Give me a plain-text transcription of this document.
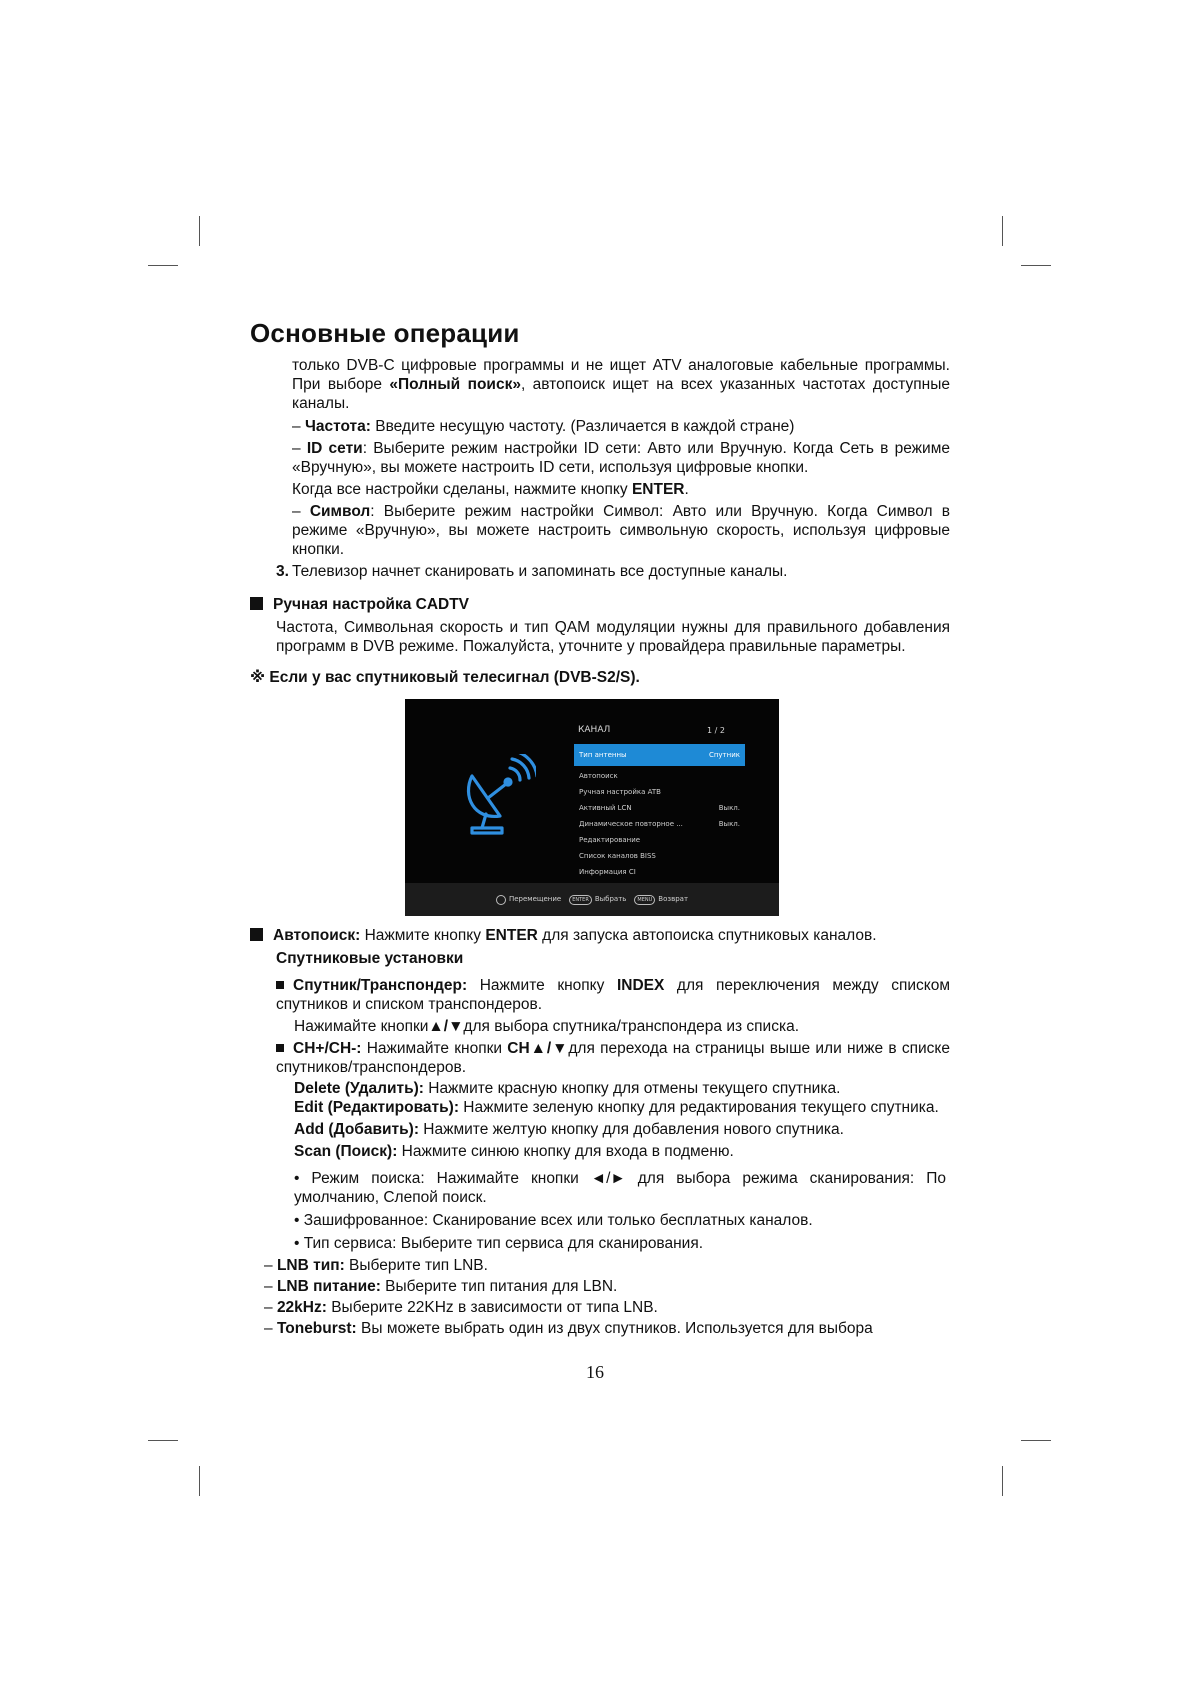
Основные операции

только DVB-C цифровые программы и не ищет ATV аналоговые кабельные программы. При выборе «Полный поиск», автопоиск ищет на всех указанных частотах доступные каналы.

– Частота: Введите несущую частоту. (Различается в каждой стране)

– ID сети: Выберите режим настройки ID сети: Авто или Вручную. Когда Сеть в режиме «Вручную», вы можете настроить ID сети, используя цифровые кнопки.

Когда все настройки сделаны, нажмите кнопку ENTER.

– Символ: Выберите режим настройки Символ: Авто или Вручную. Когда Символ в режиме «Вручную», вы можете настроить символьную скорость, используя цифровые кнопки.

3. Телевизор начнет сканировать и запоминать все доступные каналы.

Ручная настройка CADTV

Частота, Символьная скорость и тип QAM модуляции нужны для правильного добавления программ в DVB режиме. Пожалуйста, уточните у провайдера правильные параметры.

※ Если у вас спутниковый телесигнал (DVB-S2/S).

КАНАЛ	1 / 2
Тип антенны	Спутник
Автопоиск
Ручная настройка ATB
Активный LCN	Выкл.
Динамическое повторное ...	Выкл.
Редактирование
Список каналов BISS
Информация CI
Перемещение	ENTER Выбрать	MENU Возврат

Автопоиск: Нажмите кнопку ENTER для запуска автопоиска спутниковых каналов.

Спутниковые установки

Спутник/Транспондер: Нажмите кнопку INDEX для переключения между списком спутников и списком транспондеров.

Нажимайте кнопки▲/▼для выбора спутника/транспондера из списка.

CH+/CH-: Нажимайте кнопки CH▲/▼для перехода на страницы выше или ниже в списке спутников/транспондеров.

Delete (Удалить): Нажмите красную кнопку для отмены текущего спутника.

Edit (Редактировать): Нажмите зеленую кнопку для редактирования текущего спутника.

Add (Добавить): Нажмите желтую кнопку для добавления нового спутника.

Scan (Поиск): Нажмите синюю кнопку для входа в подменю.

• Режим поиска: Нажимайте кнопки ◄/► для выбора режима сканирования: По умолчанию, Слепой поиск.

• Зашифрованное: Сканирование всех или только бесплатных каналов.

• Тип сервиса: Выберите тип сервиса для сканирования.

– LNB тип: Выберите тип LNB.

– LNB питание: Выберите тип питания для LBN.

– 22kHz: Выберите 22KHz в зависимости от типа LNB.

– Toneburst: Вы можете выбрать один из двух спутников. Используется для выбора

16
